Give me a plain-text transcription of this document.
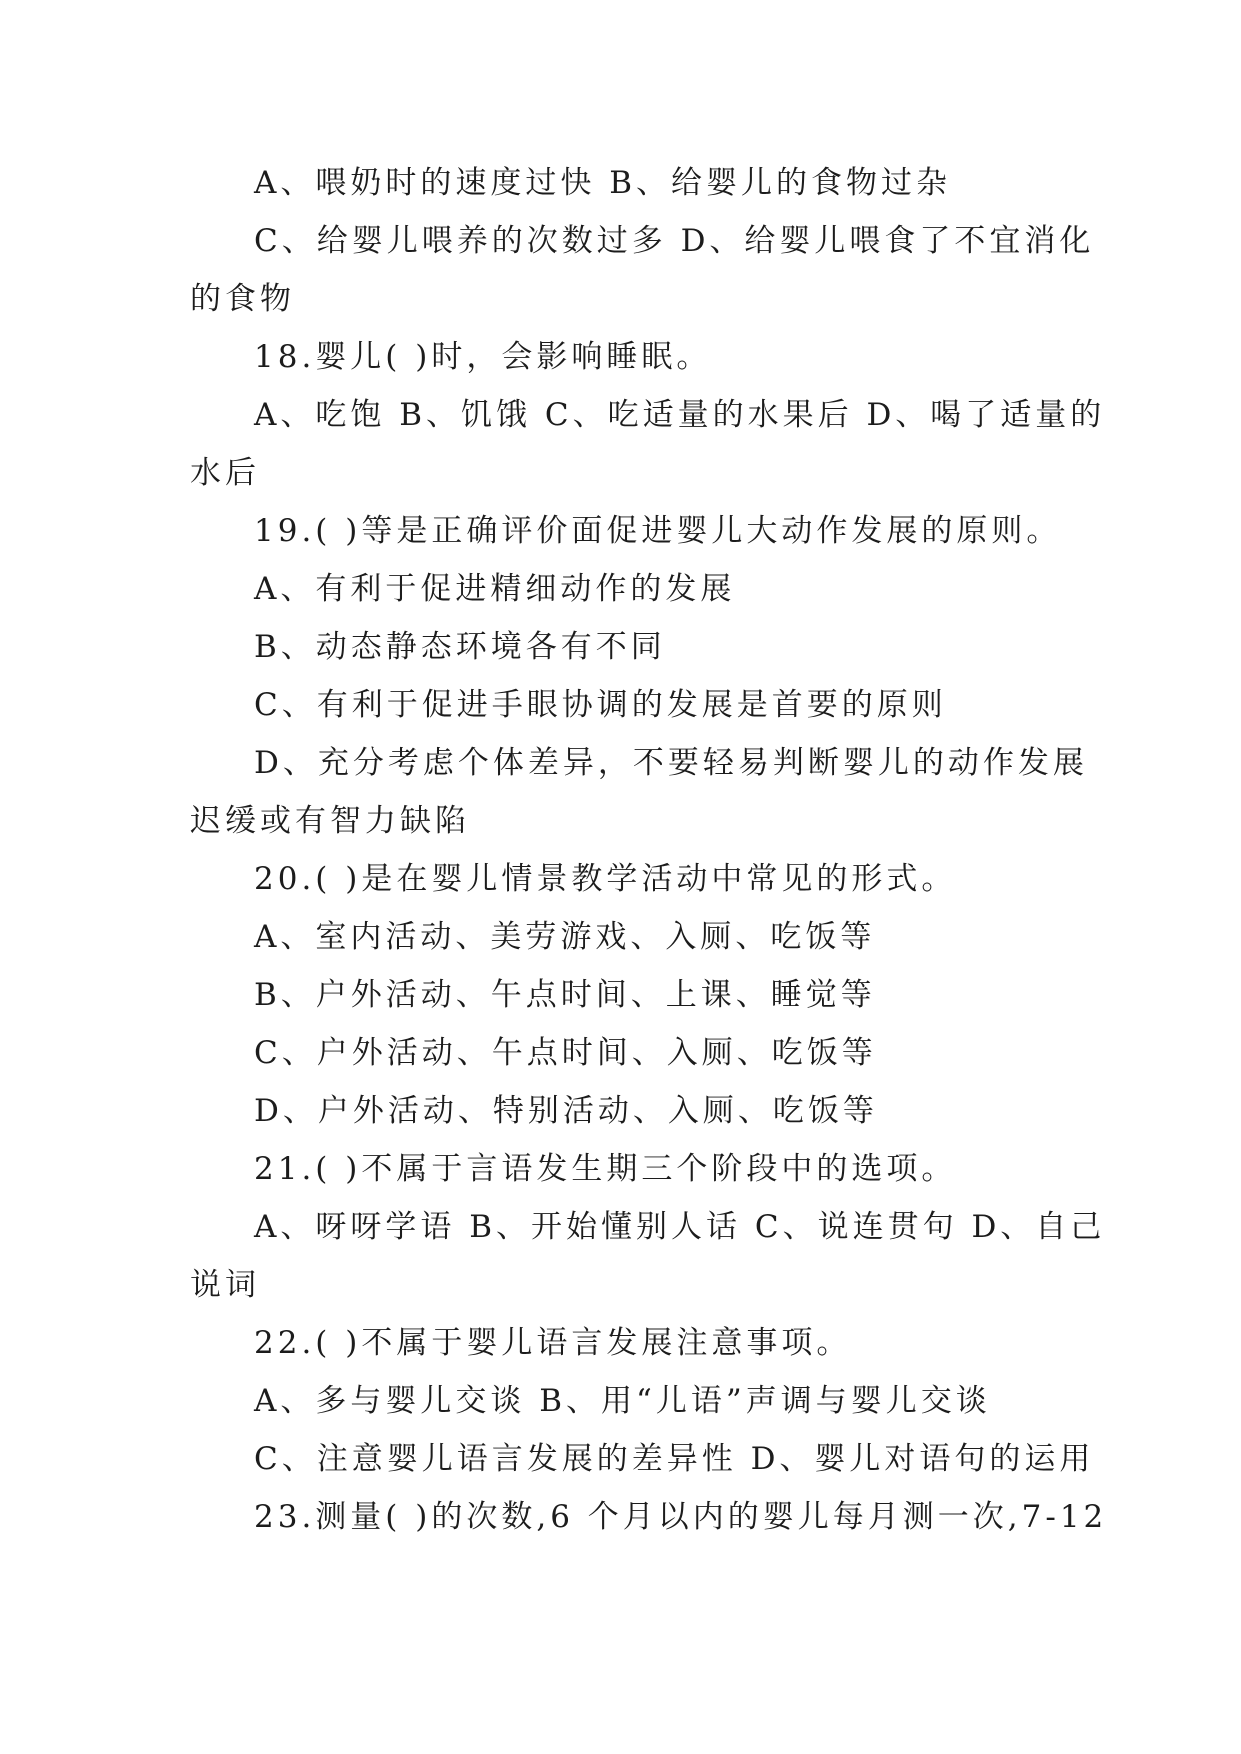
A、喂奶时的速度过快 B、给婴儿的食物过杂
C、给婴儿喂养的次数过多 D、给婴儿喂食了不宜消化
的食物
18.婴儿( )时，会影响睡眠。
A、吃饱 B、饥饿 C、吃适量的水果后 D、喝了适量的
水后
19.( )等是正确评价面促进婴儿大动作发展的原则。
A、有利于促进精细动作的发展
B、动态静态环境各有不同
C、有利于促进手眼协调的发展是首要的原则
D、充分考虑个体差异，不要轻易判断婴儿的动作发展
迟缓或有智力缺陷
20.( )是在婴儿情景教学活动中常见的形式。
A、室内活动、美劳游戏、入厕、吃饭等
B、户外活动、午点时间、上课、睡觉等
C、户外活动、午点时间、入厕、吃饭等
D、户外活动、特别活动、入厕、吃饭等
21.( )不属于言语发生期三个阶段中的选项。
A、呀呀学语 B、开始懂别人话 C、说连贯句 D、自己
说词
22.( )不属于婴儿语言发展注意事项。
A、多与婴儿交谈 B、用“儿语”声调与婴儿交谈
C、注意婴儿语言发展的差异性 D、婴儿对语句的运用
23.测量( )的次数,6 个月以内的婴儿每月测一次,7-12
